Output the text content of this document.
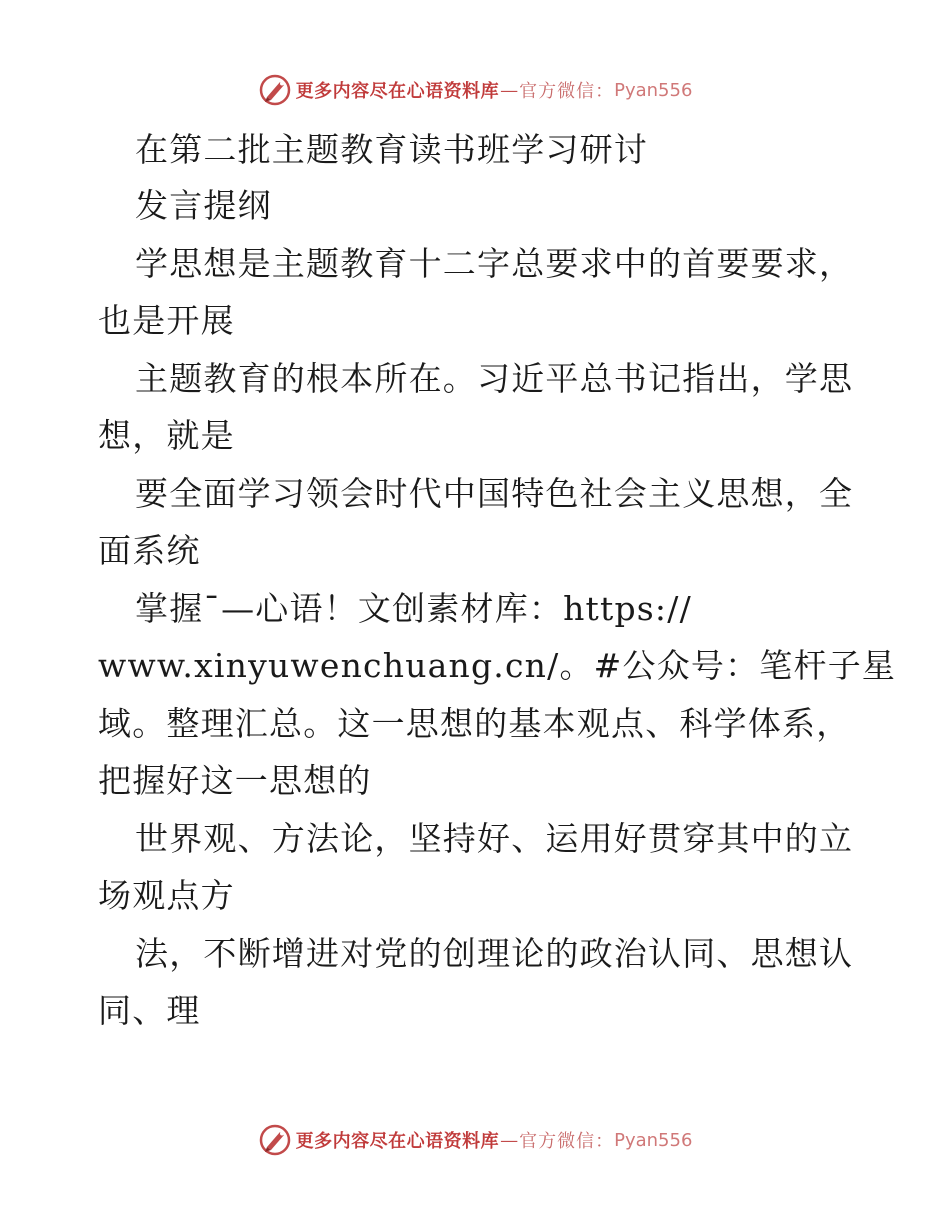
更多内容尽在心语资料库 — 官方微信： Pyan556
在第二批主题教育读书班学习研讨
发言提纲
学思想是主题教育十二字总要求中的首要要求，
也是开展
主题教育的根本所在。习近平总书记指出，学思
想，就是
要全面学习领会时代中国特色社会主义思想，全
面系统
掌握¯—心语！文创素材库：https://
www.xinyuwenchuang.cn/。#公众号：笔杆子星
域。整理汇总。这一思想的基本观点、科学体系，
把握好这一思想的
世界观、方法论，坚持好、运用好贯穿其中的立
场观点方
法，不断增进对党的创理论的政治认同、思想认
同、理
更多内容尽在心语资料库 — 官方微信： Pyan556
